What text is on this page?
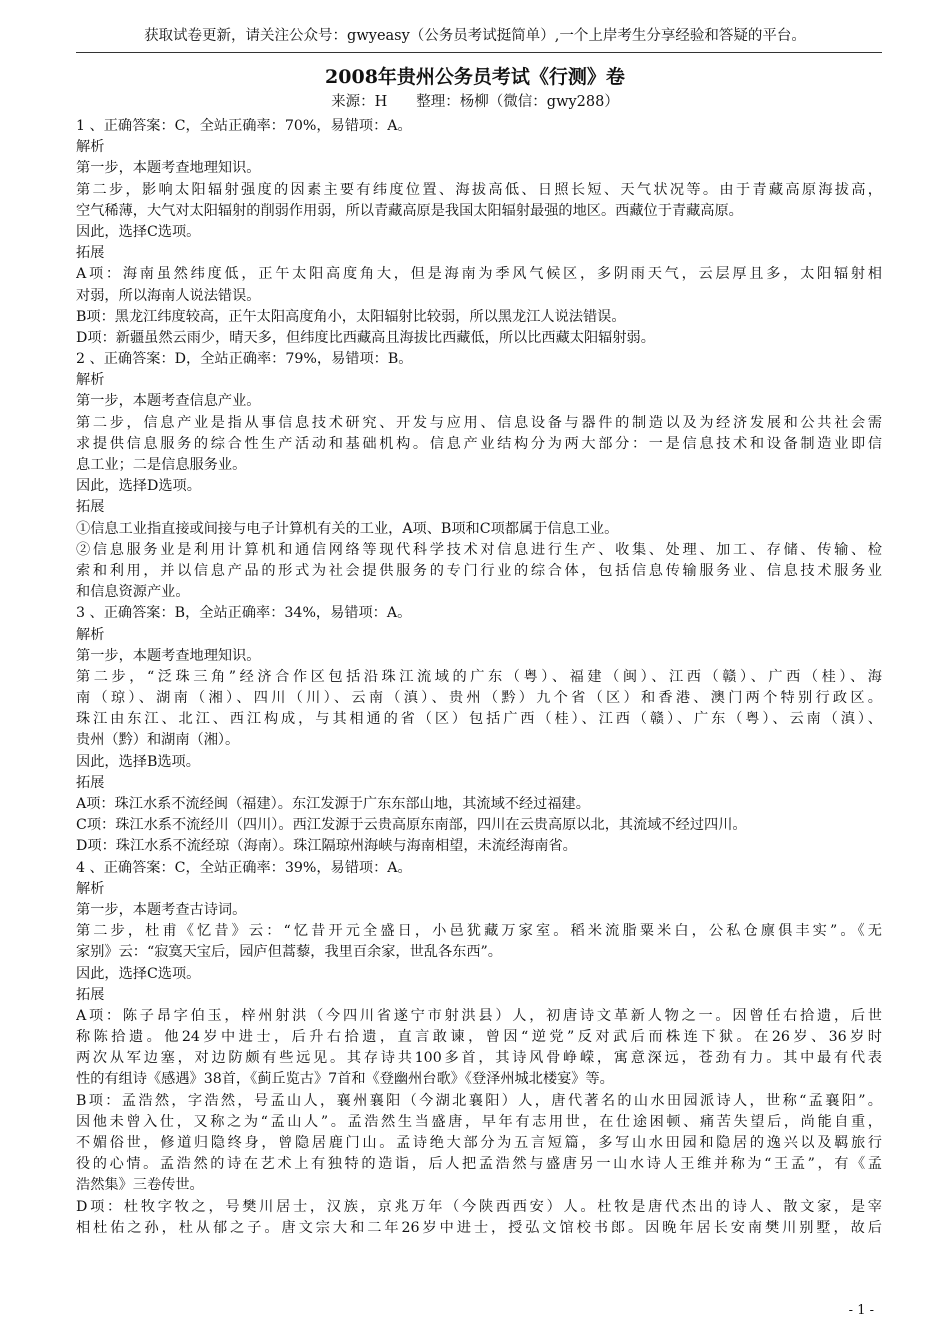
获取试卷更新，请关注公众号：gwyeasy（公务员考试挺简单）,一个上岸考生分享经验和答疑的平台。
2008年贵州公务员考试《行测》卷
来源：H　　整理：杨柳（微信：gwy288）
1 、正确答案：C，全站正确率：70%，易错项：A。
解析
第一步，本题考查地理知识。
第二步，影响太阳辐射强度的因素主要有纬度位置、海拔高低、日照长短、天气状况等。由于青藏高原海拔高，
空气稀薄，大气对太阳辐射的削弱作用弱，所以青藏高原是我国太阳辐射最强的地区。西藏位于青藏高原。
因此，选择C选项。
拓展
A项：海南虽然纬度低，正午太阳高度角大，但是海南为季风气候区，多阴雨天气，云层厚且多，太阳辐射相
对弱，所以海南人说法错误。
B项：黑龙江纬度较高，正午太阳高度角小，太阳辐射比较弱，所以黑龙江人说法错误。
D项：新疆虽然云雨少，晴天多，但纬度比西藏高且海拔比西藏低，所以比西藏太阳辐射弱。
2 、正确答案：D，全站正确率：79%，易错项：B。
解析
第一步，本题考查信息产业。
第二步，信息产业是指从事信息技术研究、开发与应用、信息设备与器件的制造以及为经济发展和公共社会需
求提供信息服务的综合性生产活动和基础机构。信息产业结构分为两大部分：一是信息技术和设备制造业即信
息工业；二是信息服务业。
因此，选择D选项。
拓展
①信息工业指直接或间接与电子计算机有关的工业，A项、B项和C项都属于信息工业。
②信息服务业是利用计算机和通信网络等现代科学技术对信息进行生产、收集、处理、加工、存储、传输、检
索和利用，并以信息产品的形式为社会提供服务的专门行业的综合体，包括信息传输服务业、信息技术服务业
和信息资源产业。
3 、正确答案：B，全站正确率：34%，易错项：A。
解析
第一步，本题考查地理知识。
第二步，“泛珠三角”经济合作区包括沿珠江流域的广东（粤）、福建（闽）、江西（赣）、广西（桂）、海
南（琼）、湖南（湘）、四川（川）、云南（滇）、贵州（黔）九个省（区）和香港、澳门两个特别行政区。
珠江由东江、北江、西江构成，与其相通的省（区）包括广西（桂）、江西（赣）、广东（粤）、云南（滇）、
贵州（黔）和湖南（湘）。
因此，选择B选项。
拓展
A项：珠江水系不流经闽（福建）。东江发源于广东东部山地，其流域不经过福建。
C项：珠江水系不流经川（四川）。西江发源于云贵高原东南部，四川在云贵高原以北，其流域不经过四川。
D项：珠江水系不流经琼（海南）。珠江隔琼州海峡与海南相望，未流经海南省。
4 、正确答案：C，全站正确率：39%，易错项：A。
解析
第一步，本题考查古诗词。
第二步，杜甫《忆昔》云：“忆昔开元全盛日，小邑犹藏万家室。稻米流脂粟米白，公私仓廪俱丰实”。《无
家别》云：“寂寞天宝后，园庐但蒿藜，我里百余家，世乱各东西”。
因此，选择C选项。
拓展
A项：陈子昂字伯玉，梓州射洪（今四川省遂宁市射洪县）人，初唐诗文革新人物之一。因曾任右拾遗，后世
称陈拾遗。他24岁中进士，后升右拾遗，直言敢谏，曾因“逆党”反对武后而株连下狱。在26岁、36岁时
两次从军边塞，对边防颇有些远见。其存诗共100多首，其诗风骨峥嵘，寓意深远，苍劲有力。其中最有代表
性的有组诗《感遇》38首，《蓟丘览古》7首和《登幽州台歌》《登泽州城北楼宴》等。
B项：孟浩然，字浩然，号孟山人，襄州襄阳（今湖北襄阳）人，唐代著名的山水田园派诗人，世称“孟襄阳”。
因他未曾入仕，又称之为“孟山人”。孟浩然生当盛唐，早年有志用世，在仕途困顿、痛苦失望后，尚能自重，
不媚俗世，修道归隐终身，曾隐居鹿门山。孟诗绝大部分为五言短篇，多写山水田园和隐居的逸兴以及羁旅行
役的心情。孟浩然的诗在艺术上有独特的造诣，后人把孟浩然与盛唐另一山水诗人王维并称为“王孟”，有《孟
浩然集》三卷传世。
D项：杜牧字牧之，号樊川居士，汉族，京兆万年（今陕西西安）人。杜牧是唐代杰出的诗人、散文家，是宰
相杜佑之孙，杜从郁之子。唐文宗大和二年26岁中进士，授弘文馆校书郎。因晚年居长安南樊川别墅，故后
- 1 -
